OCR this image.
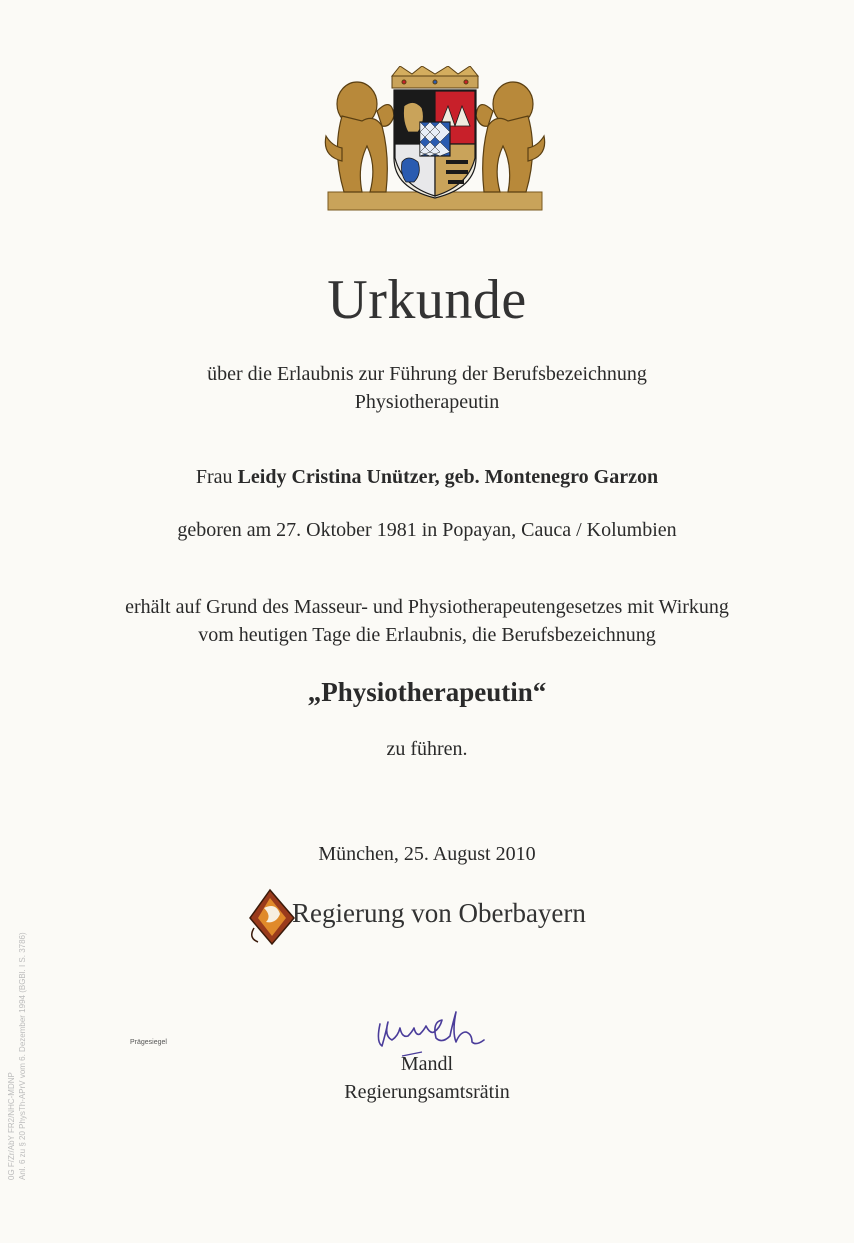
Urkunde
über die Erlaubnis zur Führung der Berufsbezeichnung
Physiotherapeutin
Frau Leidy Cristina Unützer, geb. Montenegro Garzon
geboren am 27. Oktober 1981 in Popayan, Cauca / Kolumbien
erhält auf Grund des Masseur- und Physiotherapeutengesetzes mit Wirkung
vom heutigen Tage die Erlaubnis, die Berufsbezeichnung
„Physiotherapeutin“
zu führen.
München, 25. August 2010
Regierung von Oberbayern
Prägesiegel
Mandl
Regierungsamtsrätin
0G F/Zr/AbY FR2/NHC-MDNP Anl. 6 zu § 20 PhysTh-APrV vom 6. Dezember 1994 (BGBl. I S. 3786)
